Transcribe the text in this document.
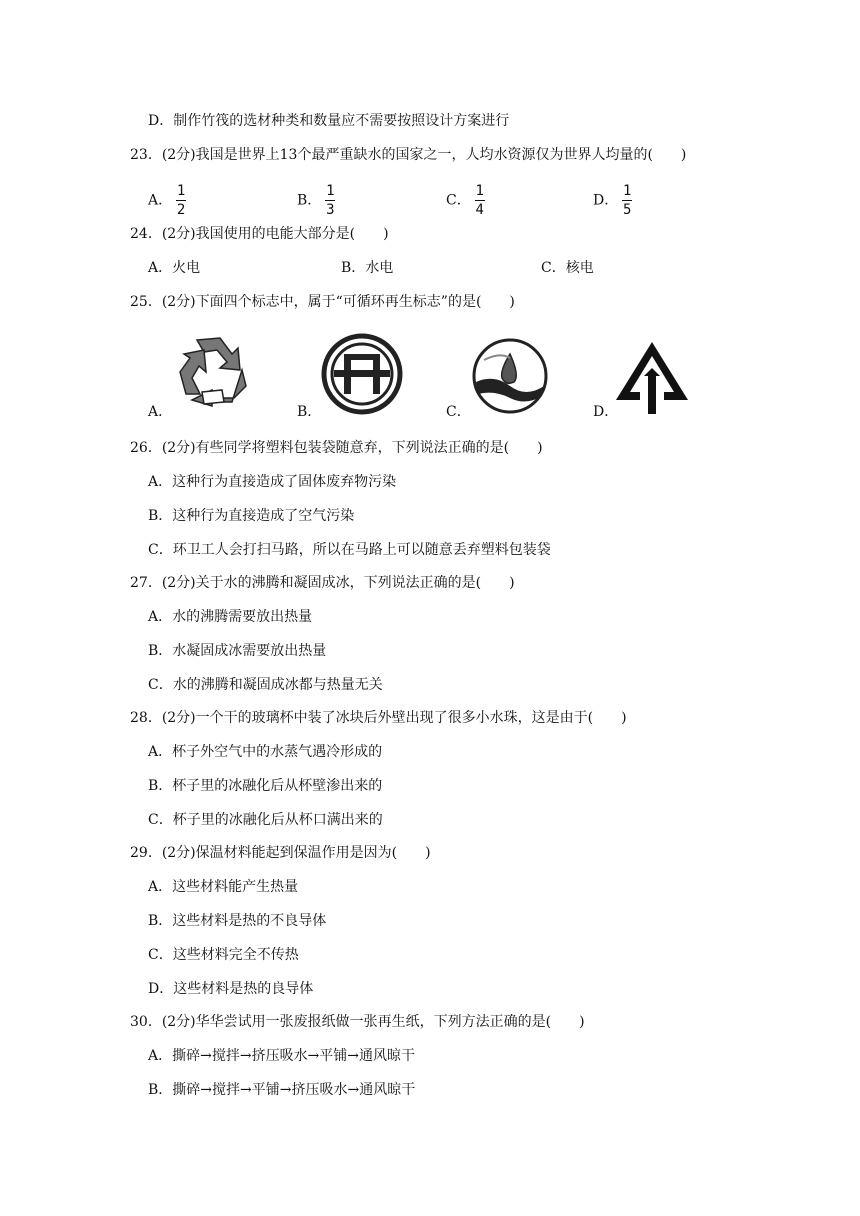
D．制作竹筏的选材种类和数量应不需要按照设计方案进行
23．(2分)我国是世界上13个最严重缺水的国家之一，人均水资源仅为世界人均量的(　　)
A． $\frac{1}{2}$	B． $\frac{1}{3}$	C． $\frac{1}{4}$	D． $\frac{1}{5}$
24．(2分)我国使用的电能大部分是(　　)
A．火电	B．水电	C．核电
25．(2分)下面四个标志中，属于“可循环再生标志”的是(　　)
A．	B．	C．	D．
26．(2分)有些同学将塑料包装袋随意弃，下列说法正确的是(　　)
A．这种行为直接造成了固体废弃物污染
B．这种行为直接造成了空气污染
C．环卫工人会打扫马路，所以在马路上可以随意丢弃塑料包装袋
27．(2分)关于水的沸腾和凝固成冰，下列说法正确的是(　　)
A．水的沸腾需要放出热量
B．水凝固成冰需要放出热量
C．水的沸腾和凝固成冰都与热量无关
28．(2分)一个干的玻璃杯中装了冰块后外壁出现了很多小水珠，这是由于(　　)
A．杯子外空气中的水蒸气遇冷形成的
B．杯子里的冰融化后从杯壁渗出来的
C．杯子里的冰融化后从杯口满出来的
29．(2分)保温材料能起到保温作用是因为(　　)
A．这些材料能产生热量
B．这些材料是热的不良导体
C．这些材料完全不传热
D．这些材料是热的良导体
30．(2分)华华尝试用一张废报纸做一张再生纸，下列方法正确的是(　　)
A．撕碎→搅拌→挤压吸水→平铺→通风晾干
B．撕碎→搅拌→平铺→挤压吸水→通风晾干
